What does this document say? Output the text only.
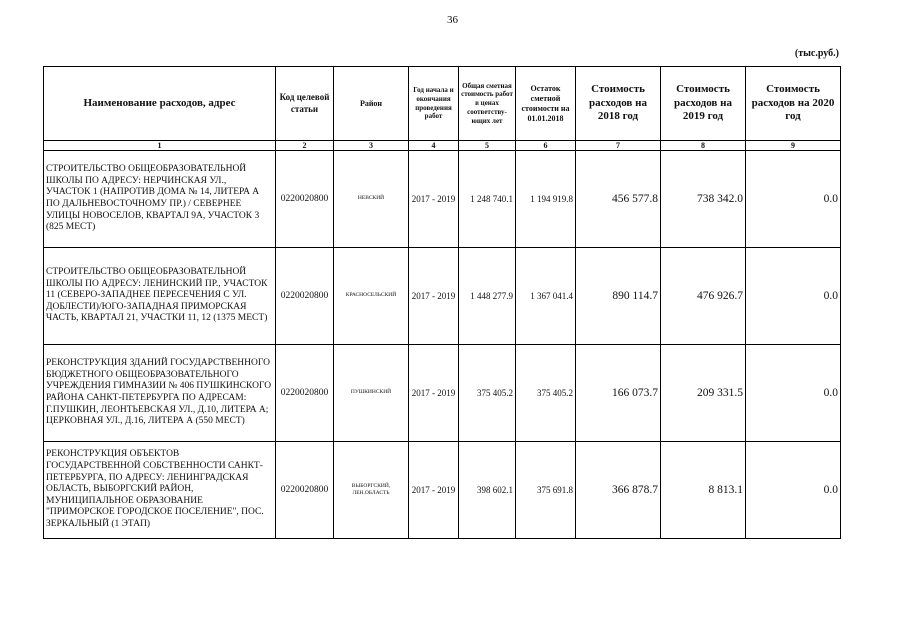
36
(тыс.руб.)
Наименование расходов, адрес	Код целевой статьи	Район	Год начала и окончания проведения работ	Общая сметная стоимость работ в ценах соответству-ющих лет	Остаток сметной стоимости на 01.01.2018	Стоимость расходов на 2018 год	Стоимость расходов на 2019 год	Стоимость расходов на 2020 год
1	2	3	4	5	6	7	8	9
СТРОИТЕЛЬСТВО ОБЩЕОБРАЗОВАТЕЛЬНОЙ ШКОЛЫ ПО АДРЕСУ: НЕРЧИНСКАЯ УЛ., УЧАСТОК 1 (НАПРОТИВ ДОМА № 14, ЛИТЕРА А ПО ДАЛЬНЕВОСТОЧНОМУ ПР.) / СЕВЕРНЕЕ УЛИЦЫ НОВОСЕЛОВ, КВАРТАЛ 9А, УЧАСТОК 3 (825 МЕСТ)	0220020800	НЕВСКИЙ	2017 - 2019	1 248 740.1	1 194 919.8	456 577.8	738 342.0	0.0
СТРОИТЕЛЬСТВО ОБЩЕОБРАЗОВАТЕЛЬНОЙ ШКОЛЫ ПО АДРЕСУ: ЛЕНИНСКИЙ ПР., УЧАСТОК 11 (СЕВЕРО-ЗАПАДНЕЕ ПЕРЕСЕЧЕНИЯ С УЛ. ДОБЛЕСТИ)/ЮГО-ЗАПАДНАЯ ПРИМОРСКАЯ ЧАСТЬ, КВАРТАЛ 21, УЧАСТКИ 11, 12 (1375 МЕСТ)	0220020800	КРАСНОСЕЛЬСКИЙ	2017 - 2019	1 448 277.9	1 367 041.4	890 114.7	476 926.7	0.0
РЕКОНСТРУКЦИЯ ЗДАНИЙ ГОСУДАРСТВЕННОГО БЮДЖЕТНОГО ОБЩЕОБРАЗОВАТЕЛЬНОГО УЧРЕЖДЕНИЯ ГИМНАЗИИ № 406 ПУШКИНСКОГО РАЙОНА САНКТ-ПЕТЕРБУРГА ПО АДРЕСАМ: Г.ПУШКИН, ЛЕОНТЬЕВСКАЯ УЛ., Д.10, ЛИТЕРА А; ЦЕРКОВНАЯ УЛ., Д.16, ЛИТЕРА А (550 МЕСТ)	0220020800	ПУШКИНСКИЙ	2017 - 2019	375 405.2	375 405.2	166 073.7	209 331.5	0.0
РЕКОНСТРУКЦИЯ ОБЪЕКТОВ ГОСУДАРСТВЕННОЙ СОБСТВЕННОСТИ САНКТ-ПЕТЕРБУРГА, ПО АДРЕСУ: ЛЕНИНГРАДСКАЯ ОБЛАСТЬ, ВЫБОРГСКИЙ РАЙОН, МУНИЦИПАЛЬНОЕ ОБРАЗОВАНИЕ "ПРИМОРСКОЕ ГОРОДСКОЕ ПОСЕЛЕНИЕ", ПОС. ЗЕРКАЛЬНЫЙ (1 ЭТАП)	0220020800	ВЫБОРГСКИЙ, ЛЕН.ОБЛАСТЬ	2017 - 2019	398 602.1	375 691.8	366 878.7	8 813.1	0.0
